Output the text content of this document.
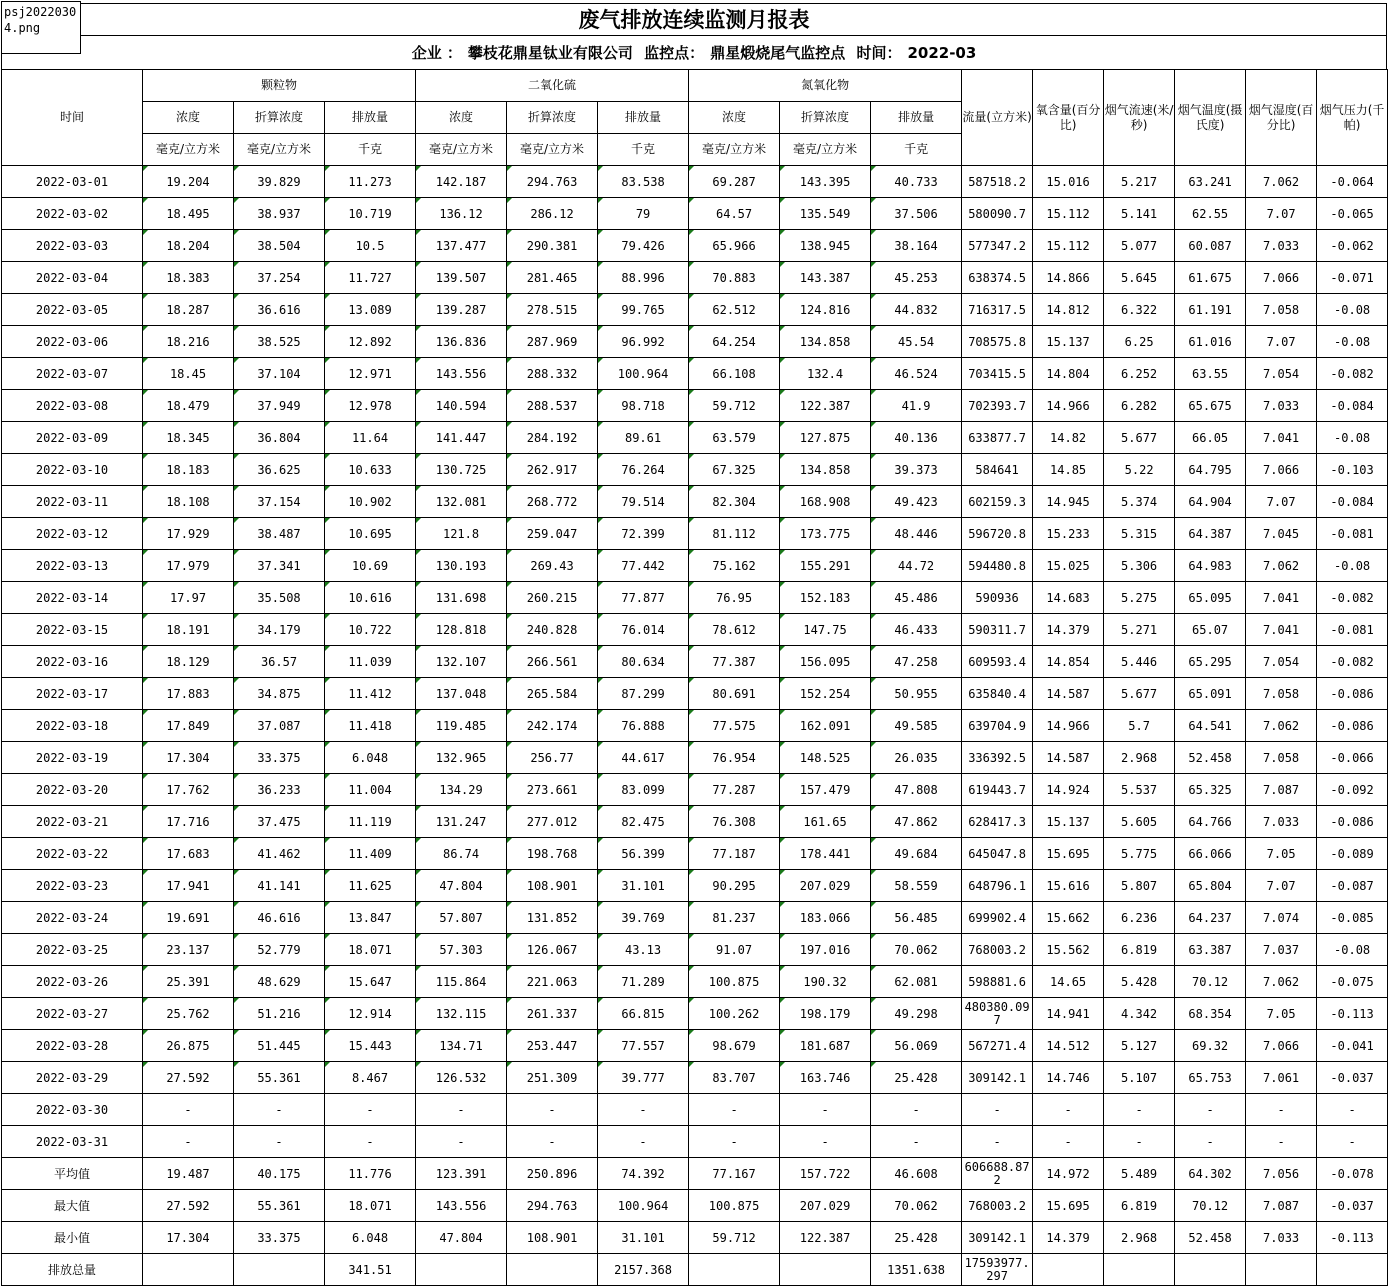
psj20220304.png	废气排放连续监测月报表
企业 ： 攀枝花鼎星钛业有限公司 监控点： 鼎星煅烧尾气监控点 时间： 2022-03
时间	颗粒物			二氧化硫			氮氧化物			流量(立方米)	氧含量(百分比)	烟气流速(米/秒)	烟气温度(摄氏度)	烟气湿度(百分比)	烟气压力(千帕)
	浓度	折算浓度	排放量	浓度	折算浓度	排放量	浓度	折算浓度	排放量						
	毫克/立方米	毫克/立方米	千克	毫克/立方米	毫克/立方米	千克	毫克/立方米	毫克/立方米	千克						
2022-03-01	19.204	39.829	11.273	142.187	294.763	83.538	69.287	143.395	40.733	587518.2	15.016	5.217	63.241	7.062	-0.064
2022-03-02	18.495	38.937	10.719	136.12	286.12	79	64.57	135.549	37.506	580090.7	15.112	5.141	62.55	7.07	-0.065
2022-03-03	18.204	38.504	10.5	137.477	290.381	79.426	65.966	138.945	38.164	577347.2	15.112	5.077	60.087	7.033	-0.062
2022-03-04	18.383	37.254	11.727	139.507	281.465	88.996	70.883	143.387	45.253	638374.5	14.866	5.645	61.675	7.066	-0.071
2022-03-05	18.287	36.616	13.089	139.287	278.515	99.765	62.512	124.816	44.832	716317.5	14.812	6.322	61.191	7.058	-0.08
2022-03-06	18.216	38.525	12.892	136.836	287.969	96.992	64.254	134.858	45.54	708575.8	15.137	6.25	61.016	7.07	-0.08
2022-03-07	18.45	37.104	12.971	143.556	288.332	100.964	66.108	132.4	46.524	703415.5	14.804	6.252	63.55	7.054	-0.082
2022-03-08	18.479	37.949	12.978	140.594	288.537	98.718	59.712	122.387	41.9	702393.7	14.966	6.282	65.675	7.033	-0.084
2022-03-09	18.345	36.804	11.64	141.447	284.192	89.61	63.579	127.875	40.136	633877.7	14.82	5.677	66.05	7.041	-0.08
2022-03-10	18.183	36.625	10.633	130.725	262.917	76.264	67.325	134.858	39.373	584641	14.85	5.22	64.795	7.066	-0.103
2022-03-11	18.108	37.154	10.902	132.081	268.772	79.514	82.304	168.908	49.423	602159.3	14.945	5.374	64.904	7.07	-0.084
2022-03-12	17.929	38.487	10.695	121.8	259.047	72.399	81.112	173.775	48.446	596720.8	15.233	5.315	64.387	7.045	-0.081
2022-03-13	17.979	37.341	10.69	130.193	269.43	77.442	75.162	155.291	44.72	594480.8	15.025	5.306	64.983	7.062	-0.08
2022-03-14	17.97	35.508	10.616	131.698	260.215	77.877	76.95	152.183	45.486	590936	14.683	5.275	65.095	7.041	-0.082
2022-03-15	18.191	34.179	10.722	128.818	240.828	76.014	78.612	147.75	46.433	590311.7	14.379	5.271	65.07	7.041	-0.081
2022-03-16	18.129	36.57	11.039	132.107	266.561	80.634	77.387	156.095	47.258	609593.4	14.854	5.446	65.295	7.054	-0.082
2022-03-17	17.883	34.875	11.412	137.048	265.584	87.299	80.691	152.254	50.955	635840.4	14.587	5.677	65.091	7.058	-0.086
2022-03-18	17.849	37.087	11.418	119.485	242.174	76.888	77.575	162.091	49.585	639704.9	14.966	5.7	64.541	7.062	-0.086
2022-03-19	17.304	33.375	6.048	132.965	256.77	44.617	76.954	148.525	26.035	336392.5	14.587	2.968	52.458	7.058	-0.066
2022-03-20	17.762	36.233	11.004	134.29	273.661	83.099	77.287	157.479	47.808	619443.7	14.924	5.537	65.325	7.087	-0.092
2022-03-21	17.716	37.475	11.119	131.247	277.012	82.475	76.308	161.65	47.862	628417.3	15.137	5.605	64.766	7.033	-0.086
2022-03-22	17.683	41.462	11.409	86.74	198.768	56.399	77.187	178.441	49.684	645047.8	15.695	5.775	66.066	7.05	-0.089
2022-03-23	17.941	41.141	11.625	47.804	108.901	31.101	90.295	207.029	58.559	648796.1	15.616	5.807	65.804	7.07	-0.087
2022-03-24	19.691	46.616	13.847	57.807	131.852	39.769	81.237	183.066	56.485	699902.4	15.662	6.236	64.237	7.074	-0.085
2022-03-25	23.137	52.779	18.071	57.303	126.067	43.13	91.07	197.016	70.062	768003.2	15.562	6.819	63.387	7.037	-0.08
2022-03-26	25.391	48.629	15.647	115.864	221.063	71.289	100.875	190.32	62.081	598881.6	14.65	5.428	70.12	7.062	-0.075
2022-03-27	25.762	51.216	12.914	132.115	261.337	66.815	100.262	198.179	49.298	480380.097	14.941	4.342	68.354	7.05	-0.113
2022-03-28	26.875	51.445	15.443	134.71	253.447	77.557	98.679	181.687	56.069	567271.4	14.512	5.127	69.32	7.066	-0.041
2022-03-29	27.592	55.361	8.467	126.532	251.309	39.777	83.707	163.746	25.428	309142.1	14.746	5.107	65.753	7.061	-0.037
2022-03-30	-	-	-	-	-	-	-	-	-	-	-	-	-	-	-
2022-03-31	-	-	-	-	-	-	-	-	-	-	-	-	-	-	-
平均值	19.487	40.175	11.776	123.391	250.896	74.392	77.167	157.722	46.608	606688.872	14.972	5.489	64.302	7.056	-0.078
最大值	27.592	55.361	18.071	143.556	294.763	100.964	100.875	207.029	70.062	768003.2	15.695	6.819	70.12	7.087	-0.037
最小值	17.304	33.375	6.048	47.804	108.901	31.101	59.712	122.387	25.428	309142.1	14.379	2.968	52.458	7.033	-0.113
排放总量			341.51			2157.368			1351.638	17593977.297					
